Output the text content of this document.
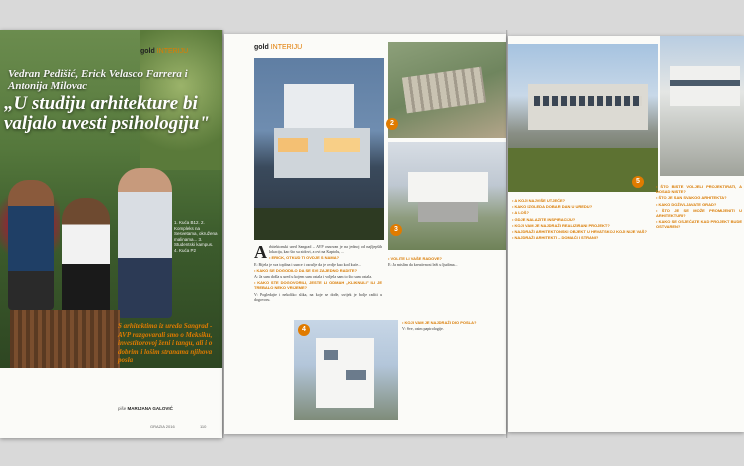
gold INTERIJU
Vedran Pedišić, Erick Velasco Farrera i Antonija Milovac
„U studiju arhitekture bi valjalo uvesti psihologiju"
1. Kuća B12. 2. Kompleks na Sesvetama, okružena malinama... 3. Studentski kampus. 4. Kuća P2
S arhitektima iz ureda Sangrad - AVP razgovarali smo o Meksiku, investitorovoj ženi i tangu, ali i o dobrim i lošim stranama njihova posla
piše MARIJANA GALOVIĆ
GRAZIA 2016	110
gold INTERIJU
2

Arhitektonski ured Sangrad – AVP osnovan je na jednoj od najljepših lokacija, kao što su zidovi, a ovi na Kaptolu, ...

• ERICK, OTKUD TI OVDJE S NAMA?

E: Bijela je sva toplina i sunce i ozračje da je ovdje kao kod kuće...

• KAKO SE DOGODILO DA SE SVI ZAJEDNO RADITE?

A: Ja sam došla u ured u kojem sam ostala i voljela sam to što sam ostala.

• KAKO STE DOGOVORILI, JESTE LI ODMAH „KLIKNULI" ILI JE TREBALO NEKO VRIJEME?

V: Pogledajte i nekoliko slika, na koje se dođe, uvijek je bolje raditi u dogovoru.

3

• VOLITE LI VAŠE RADOVE?

E: Ja mislim da kreativnost leži u ljudima...

4

• KOJI VAM JE NAJDRAŽI DIO POSLA?

V: Sve, osim papirologije.

5

• A KOJI NAJVIŠE UTJEĆE?

• KAKO IZGLEDA DOBAR DAN U UREDU?

• A LOŠ?

• GDJE NALAZITE INSPIRACIJU?

• KOJI VAM JE NAJDRAŽI REALIZIRANI PROJEKT?

• NAJDRAŽI ARHITEKTONSKI OBJEKT U HRVATSKOJ KOJI NIJE VAŠ?

• NAJDRAŽI ARHITEKTI – DOMAĆI I STRANI?

• ŠTO BISTE VOLJELI PROJEKTIRATI, A DOSAD NISTE?

• ŠTO JE SAN SVAKOG ARHITEKTA?

• KAKO DOŽIVLJAVATE GRAD?

• ŠTO JE SE MOŽE PROMIJENITI U ARHITEKTURI?

• KAKO SE OSJEĆATE KAD PROJEKT BUDE OSTVAREN?
